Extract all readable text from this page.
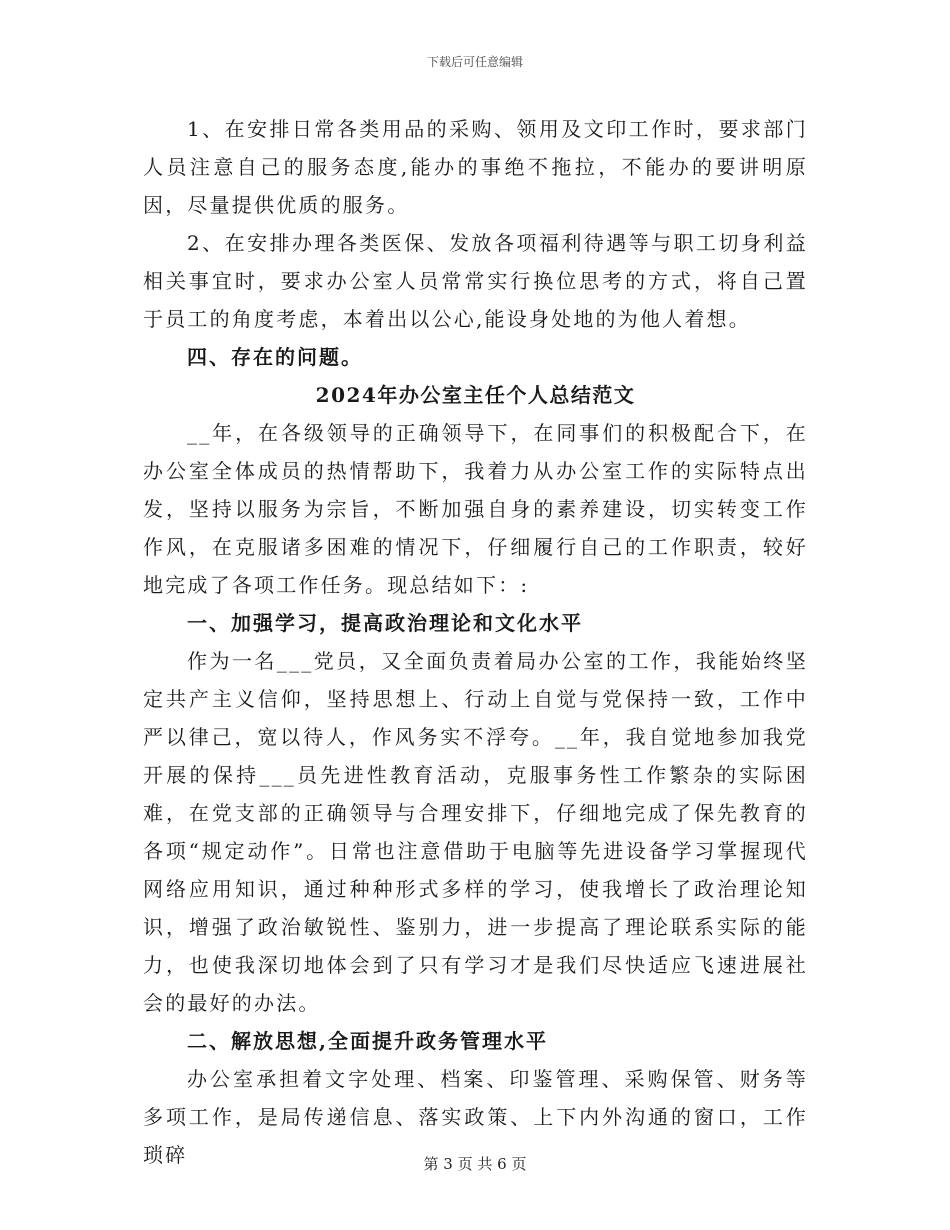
下载后可任意编辑

1、在安排日常各类用品的采购、领用及文印工作时，要求部门人员注意自己的服务态度,能办的事绝不拖拉，不能办的要讲明原因，尽量提供优质的服务。

2、在安排办理各类医保、发放各项福利待遇等与职工切身利益相关事宜时，要求办公室人员常常实行换位思考的方式，将自己置于员工的角度考虑，本着出以公心,能设身处地的为他人着想。

四、存在的问题。

2024年办公室主任个人总结范文

__年，在各级领导的正确领导下，在同事们的积极配合下，在办公室全体成员的热情帮助下，我着力从办公室工作的实际特点出发，坚持以服务为宗旨，不断加强自身的素养建设，切实转变工作作风，在克服诸多困难的情况下，仔细履行自己的工作职责，较好地完成了各项工作任务。现总结如下：:

一、加强学习，提高政治理论和文化水平

作为一名___党员，又全面负责着局办公室的工作，我能始终坚定共产主义信仰，坚持思想上、行动上自觉与党保持一致，工作中严以律己，宽以待人，作风务实不浮夸。__年，我自觉地参加我党开展的保持___员先进性教育活动，克服事务性工作繁杂的实际困难，在党支部的正确领导与合理安排下，仔细地完成了保先教育的各项“规定动作”。日常也注意借助于电脑等先进设备学习掌握现代网络应用知识，通过种种形式多样的学习，使我增长了政治理论知识，增强了政治敏锐性、鉴别力，进一步提高了理论联系实际的能力，也使我深切地体会到了只有学习才是我们尽快适应飞速进展社会的最好的办法。

二、解放思想,全面提升政务管理水平

办公室承担着文字处理、档案、印鉴管理、采购保管、财务等多项工作，是局传递信息、落实政策、上下内外沟通的窗口，工作琐碎	第 3 页 共 6 页
